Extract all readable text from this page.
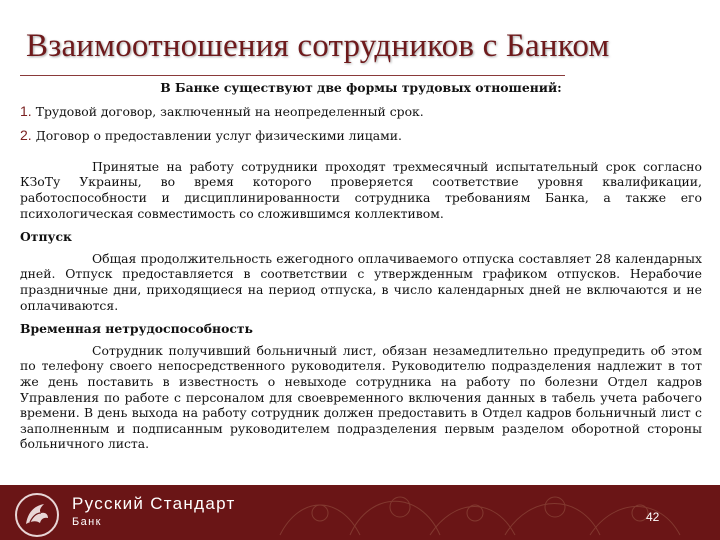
Взаимоотношения сотрудников с Банком

В Банке существуют две формы трудовых отношений:

1. Трудовой договор, заключенный на неопределенный срок.

2. Договор о предоставлении услуг физическими лицами.

Принятые на работу сотрудники проходят трехмесячный испытательный срок согласно КЗоТу Украины, во время которого проверяется соответствие уровня квалификации, работоспособности и дисциплинированности сотрудника требованиям Банка, а также его психологическая совместимость со сложившимся коллективом.

Отпуск

Общая продолжительность ежегодного оплачиваемого отпуска составляет 28 календарных дней. Отпуск предоставляется в соответствии с утвержденным графиком отпусков. Нерабочие праздничные дни, приходящиеся на период отпуска, в число календарных дней не включаются и не оплачиваются.

Временная нетрудоспособность

Сотрудник получивший больничный лист, обязан незамедлительно предупредить об этом по телефону своего непосредственного руководителя. Руководителю подразделения надлежит в тот же день поставить в известность о невыходе сотрудника на работу по болезни Отдел кадров Управления по работе с персоналом для своевременного включения данных в табель учета рабочего времени. В день выхода на работу сотрудник должен предоставить в Отдел кадров больничный лист с заполненным и подписанным руководителем подразделения первым разделом оборотной стороны больничного листа.

Русский Стандарт
Банк	42
